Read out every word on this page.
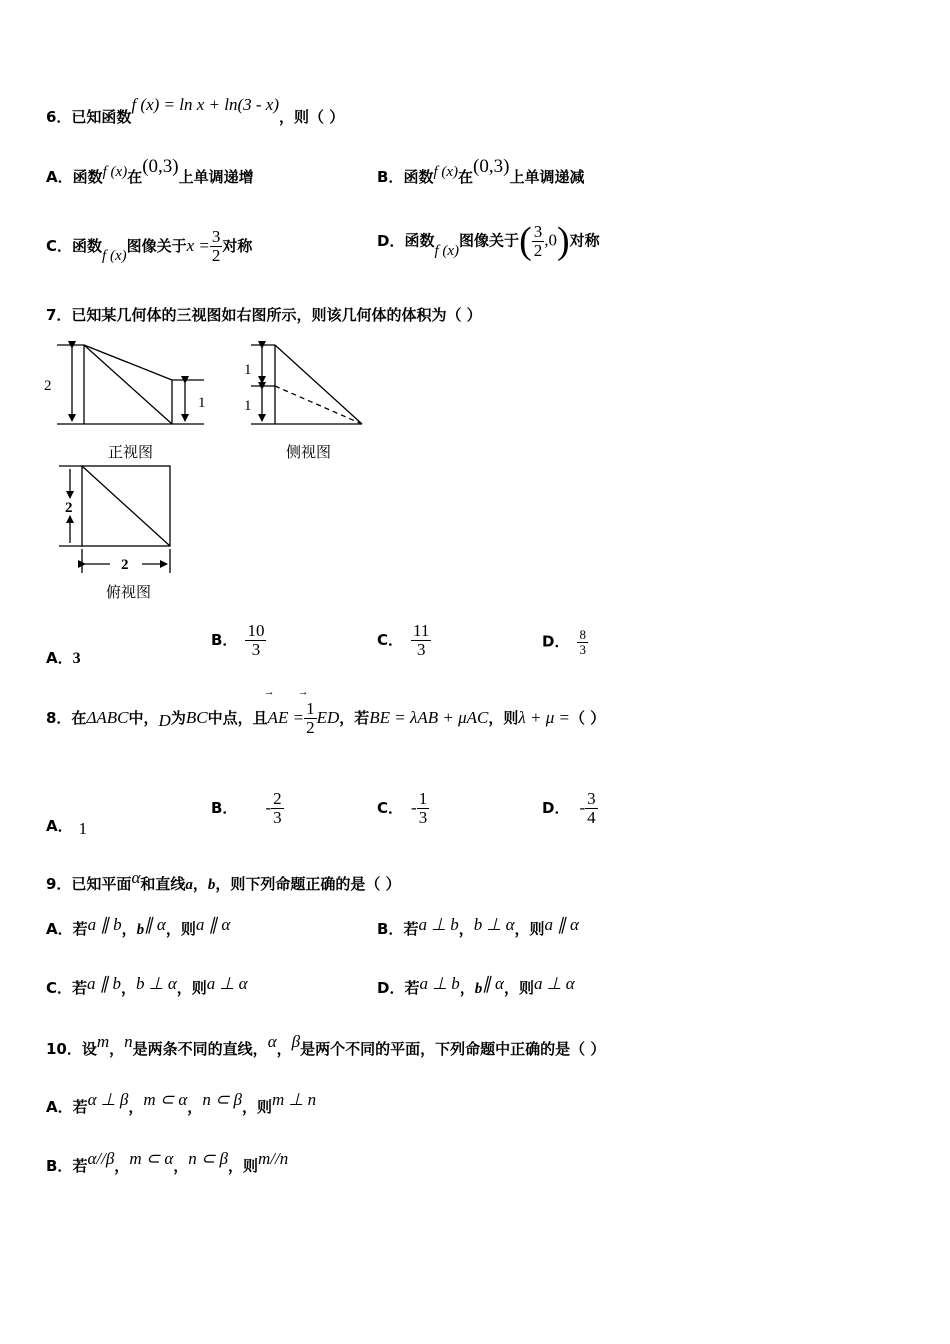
6．已知函数f (x) = ln x + ln(3 - x)，则（ ）
A．函数f (x)在(0,3)上单调递增	B．函数f (x)在(0,3)上单调递减
C．函数f (x)图像关于$x = \frac{3}{2}$ 对称	D．函数f (x)图像关于( $\frac{3}{2} ,0$)对称
7．已知某几何体的三视图如右图所示，则该几何体的体积为（ ）
2
1
正视图
1
1
侧视图
2
2
俯视图
A．3
B． $\frac{10}{3}$	C． $\frac{11}{3}$	D． $\frac{8}{3}$
8．在ΔABC中，D为BC中点，且
→ →
AE = $\frac{1}{2}$ ED，若BE = λAB + μAC，则λ + μ =（ ）
A． 1
B． - $\frac{2}{3}$	C． - $\frac{1}{3}$	D． - $\frac{3}{4}$
9．已知平面α和直线a，b，则下列命题正确的是（ ）
A．若a ∥ b，b∥ α，则a ∥ α	B．若a ⊥ b，b ⊥ α，则a ∥ α
C．若a ∥ b，b ⊥ α，则a ⊥ α	D．若a ⊥ b，b∥ α，则a ⊥ α
10．设m，n是两条不同的直线，α，β是两个不同的平面，下列命题中正确的是（ ）
A．若α ⊥ β，m ⊂ α，n ⊂ β，则m ⊥ n
B．若α//β，m ⊂ α，n ⊂ β，则m//n
